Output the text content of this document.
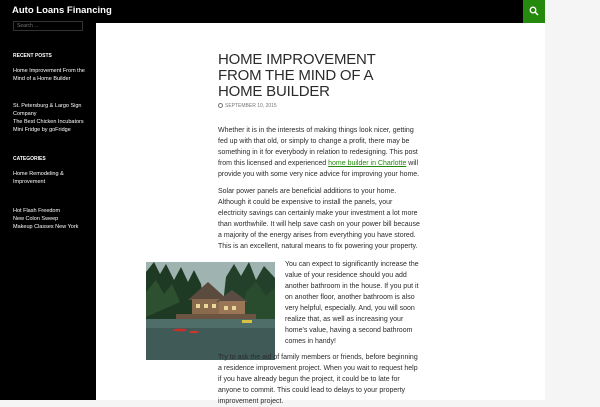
Auto Loans Financing
Search ...
RECENT POSTS
Home Improvement From the Mind of a Home Builder
St. Petersburg & Largo Sign Company
The Best Chicken Incubators
Mini Fridge by goFridge
CATEGORIES
Home Remodeling & Improvement
Hot Flash Freedom
New Colon Sweep
Makeup Classes New York
HOME IMPROVEMENT FROM THE MIND OF A HOME BUILDER
SEPTEMBER 10, 2015

Whether it is in the interests of making things look nicer, getting fed up with that old, or simply to change a profit, there may be something in it for everybody in relation to redesigning. This post from this licensed and experienced home builder in Charlotte will provide you with some very nice advice for improving your home.

Solar power panels are beneficial additions to your home. Although it could be expensive to install the panels, your electricity savings can certainly make your investment a lot more than worthwhile. It will help save cash on your power bill because a majority of the energy arises from everything you have stored. This is an excellent, natural means to fix powering your property.

You can expect to significantly increase the value of your residence should you add another bathroom in the house. If you put it on another floor, another bathroom is also very helpful, especially. And, you will soon realize that, as well as increasing your home's value, having a second bathroom comes in handy!

Try to ask the aid of family members or friends, before beginning a residence improvement project. When you wait to request help if you have already begun the project, it could be to late for anyone to commit. This could lead to delays to your property improvement project.
